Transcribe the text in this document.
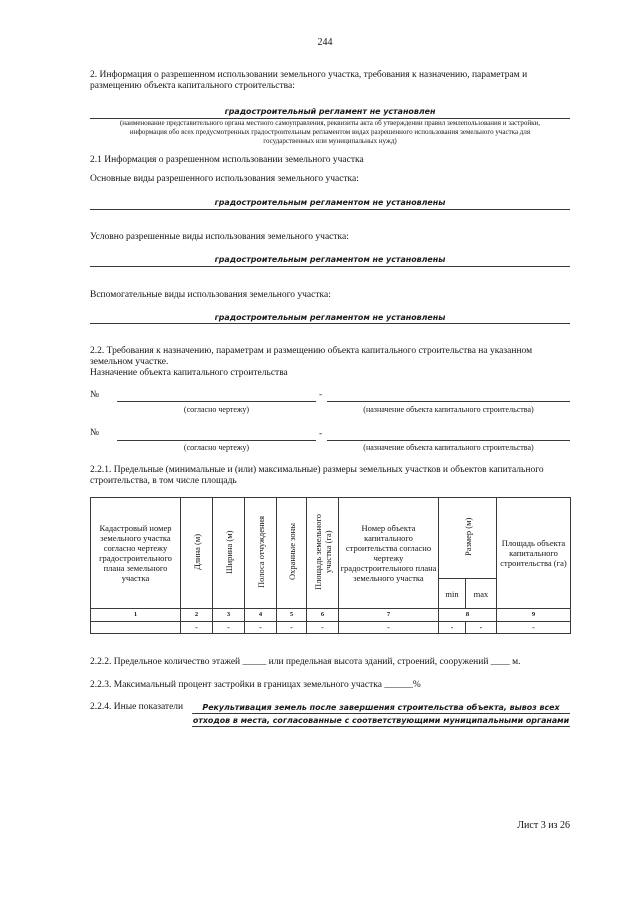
244
2. Информация о разрешенном использовании земельного участка, требования к назначению, параметрам и
размещению объекта капитального строительства:
градостроительный регламент не установлен
(наименование представительного органа местного самоуправления, реквизиты акта об утверждении правил землепользования и застройки,
информация обо всех предусмотренных градостроительным регламентом видах разрешенного использования земельного участка для
государственных или муниципальных нужд)
2.1 Информация о разрешенном использовании земельного участка
Основные виды разрешенного использования земельного участка:
градостроительным регламентом не установлены
Условно разрешенные виды использования земельного участка:
градостроительным регламентом не установлены
Вспомогательные виды использования земельного участка:
градостроительным регламентом не установлены
2.2. Требования к назначению, параметрам и размещению объекта капитального строительства на указанном
земельном участке.
Назначение объекта капитального строительства
№	-
(согласно чертежу)	(назначение объекта капитального строительства)
№	-
(согласно чертежу)	(назначение объекта капитального строительства)
2.2.1. Предельные (минимальные и (или) максимальные) размеры земельных участков и объектов капитального
строительства, в том числе площадь
Кадастровый номер земельного участка согласно чертежу градостроительного плана земельного участка	Длина (м)	Ширина (м)	Полоса отчуждения	Охранные зоны	Площадь земельного участка (га)	Номер объекта капитального строительства согласно чертежу градостроительного плана земельного участка	Размер (м)		Площадь объекта капитального строительства (га)
							min	max	
1	2	3	4	5	6	7	8		9
	-	-	-	-	-	-	-	-	-
2.2.2. Предельное количество этажей _____ или предельная высота зданий, строений, сооружений ____ м.
2.2.3. Максимальный процент застройки в границах земельного участка ______%
2.2.4. Иные показатели	Рекультивация земель после завершения строительства объекта, вывоз всех
отходов в места, согласованные с соответствующими муниципальными органами
Лист 3 из 26
